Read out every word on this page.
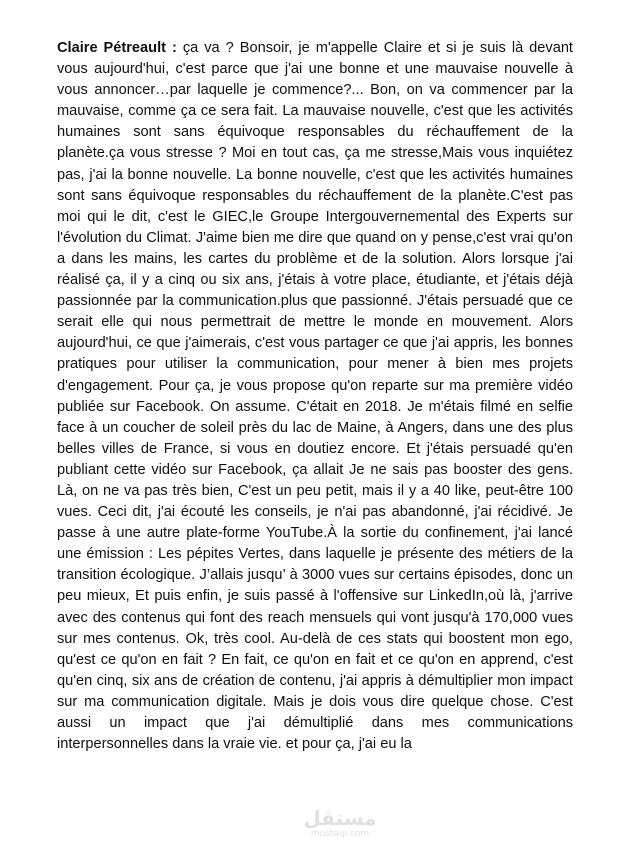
Claire Pétreault : ça va ? Bonsoir, je m'appelle Claire et si je suis là devant vous aujourd'hui, c'est parce que j'ai une bonne et une mauvaise nouvelle à vous annoncer…par laquelle je commence?... Bon, on va commencer par la mauvaise, comme ça ce sera fait. La mauvaise nouvelle, c'est que les activités humaines sont sans équivoque responsables du réchauffement de la planète.ça vous stresse ? Moi en tout cas, ça me stresse,Mais vous inquiétez pas, j'ai la bonne nouvelle. La bonne nouvelle, c'est que les activités humaines sont sans équivoque responsables du réchauffement de la planète.C'est pas moi qui le dit, c'est le GIEC,le Groupe Intergouvernemental des Experts sur l'évolution du Climat. J'aime bien me dire que quand on y pense,c'est vrai qu'on a dans les mains, les cartes du problème et de la solution. Alors lorsque j'ai réalisé ça, il y a cinq ou six ans, j'étais à votre place, étudiante, et j'étais déjà passionnée par la communication.plus que passionné. J'étais persuadé que ce serait elle qui nous permettrait de mettre le monde en mouvement. Alors aujourd'hui, ce que j'aimerais, c'est vous partager ce que j'ai appris, les bonnes pratiques pour utiliser la communication, pour mener à bien mes projets d'engagement. Pour ça, je vous propose qu'on reparte sur ma première vidéo publiée sur Facebook. On assume. C'était en 2018. Je m'étais filmé en selfie face à un coucher de soleil près du lac de Maine, à Angers, dans une des plus belles villes de France, si vous en doutiez encore. Et j'étais persuadé qu'en publiant cette vidéo sur Facebook, ça allait Je ne sais pas booster des gens. Là, on ne va pas très bien, C'est un peu petit, mais il y a 40 like, peut-être 100 vues. Ceci dit, j'ai écouté les conseils, je n'ai pas abandonné, j'ai récidivé. Je passe à une autre plate-forme YouTube.À la sortie du confinement, j'ai lancé une émission : Les pépites Vertes, dans laquelle je présente des métiers de la transition écologique. J’allais jusqu’ à 3000 vues sur certains épisodes, donc un peu mieux, Et puis enfin, je suis passé à l'offensive sur LinkedIn,où là, j'arrive avec des contenus qui font des reach mensuels qui vont jusqu'à 170,000 vues sur mes contenus. Ok, très cool. Au-delà de ces stats qui boostent mon ego, qu'est ce qu'on en fait ? En fait, ce qu'on en fait et ce qu'on en apprend, c'est qu'en cinq, six ans de création de contenu, j'ai appris à démultiplier mon impact sur ma communication digitale. Mais je dois vous dire quelque chose. C'est aussi un impact que j'ai démultiplié dans mes communications interpersonnelles dans la vraie vie. et pour ça, j'ai eu la

مستقل
mostaql.com
